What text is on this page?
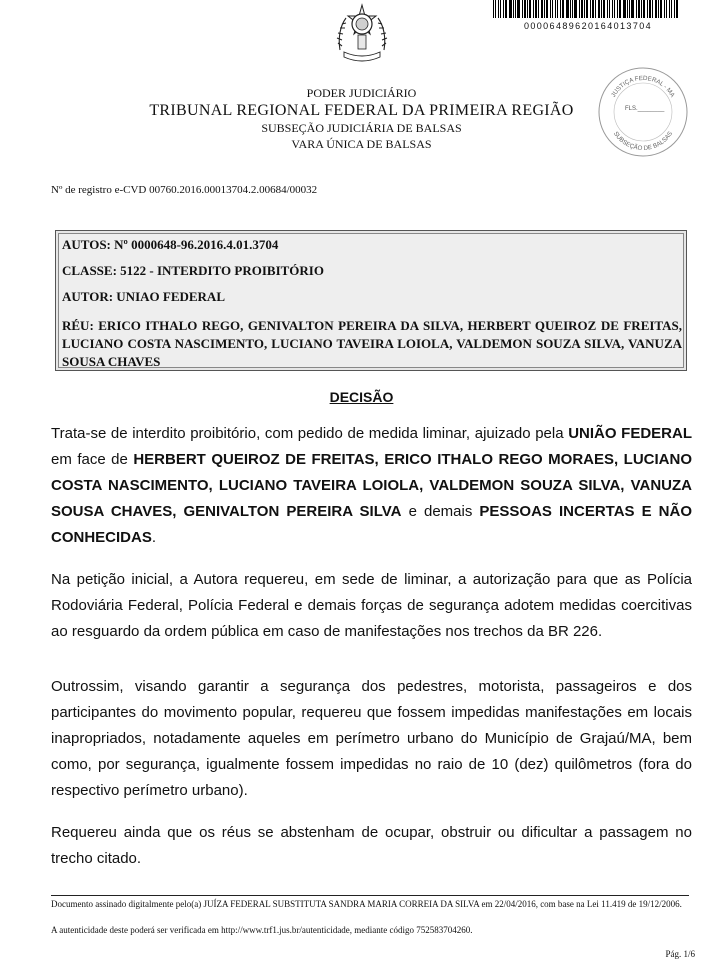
00006489620164013704
PODER JUDICIÁRIO
TRIBUNAL REGIONAL FEDERAL DA PRIMEIRA REGIÃO
SUBSEÇÃO JUDICIÁRIA DE BALSAS
VARA ÚNICA DE BALSAS
JUSTIÇA FEDERAL - MA
SUBSEÇÃO DE BALSAS
FLS.________
Nº de registro e-CVD 00760.2016.00013704.2.00684/00032
AUTOS: Nº 0000648-96.2016.4.01.3704
CLASSE: 5122 - INTERDITO PROIBITÓRIO
AUTOR: UNIAO FEDERAL
RÉU: ERICO ITHALO REGO, GENIVALTON PEREIRA DA SILVA, HERBERT QUEIROZ DE FREITAS, LUCIANO COSTA NASCIMENTO, LUCIANO TAVEIRA LOIOLA, VALDEMON SOUZA SILVA, VANUZA SOUSA CHAVES
DECISÃO
Trata-se de interdito proibitório, com pedido de medida liminar, ajuizado pela UNIÃO FEDERAL em face de HERBERT QUEIROZ DE FREITAS, ERICO ITHALO REGO MORAES, LUCIANO COSTA NASCIMENTO, LUCIANO TAVEIRA LOIOLA, VALDEMON SOUZA SILVA, VANUZA SOUSA CHAVES, GENIVALTON PEREIRA SILVA e demais PESSOAS INCERTAS E NÃO CONHECIDAS.
Na petição inicial, a Autora requereu, em sede de liminar, a autorização para que as Polícia Rodoviária Federal, Polícia Federal e demais forças de segurança adotem medidas coercitivas ao resguardo da ordem pública em caso de manifestações nos trechos da BR 226.
Outrossim, visando garantir a segurança dos pedestres, motorista, passageiros e dos participantes do movimento popular, requereu que fossem impedidas manifestações em locais inapropriados, notadamente aqueles em perímetro urbano do Município de Grajaú/MA, bem como, por segurança, igualmente fossem impedidas no raio de 10 (dez) quilômetros (fora do respectivo perímetro urbano).
Requereu ainda que os réus se abstenham de ocupar, obstruir ou dificultar a passagem no trecho citado.
Documento assinado digitalmente pelo(a) JUÍZA FEDERAL SUBSTITUTA SANDRA MARIA CORREIA DA SILVA em 22/04/2016, com base na Lei 11.419 de 19/12/2006.
A autenticidade deste poderá ser verificada em http://www.trf1.jus.br/autenticidade, mediante código 752583704260.
Pág. 1/6
